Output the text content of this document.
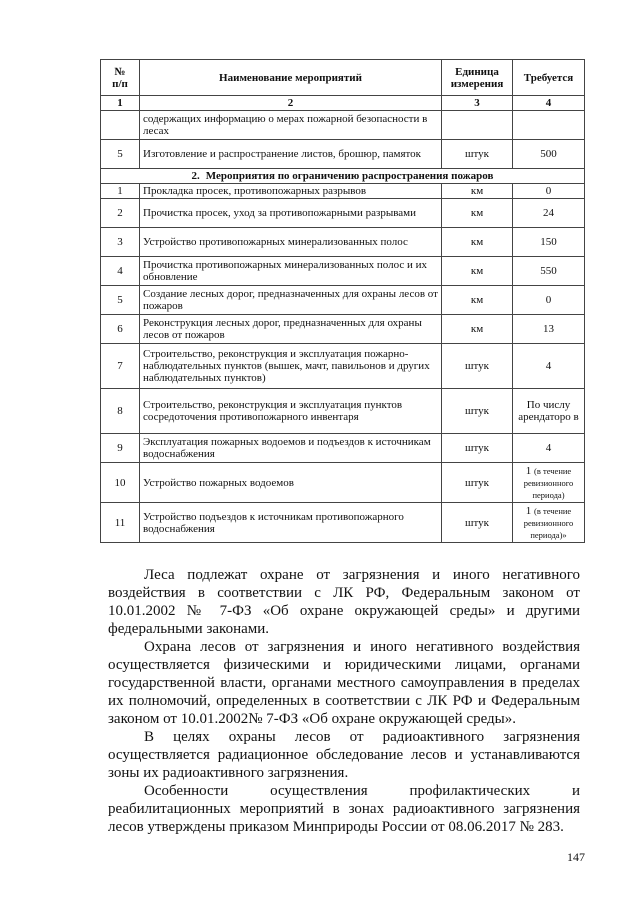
№
п/п	Наименование мероприятий	Единица измерения	Требуется
1	2	3	4
	содержащих информацию о мерах пожарной безопасности в лесах		
5	Изготовление и распространение листов, брошюр, памяток	штук	500
2. Мероприятия по ограничению распространения пожаров			
1	Прокладка просек, противопожарных разрывов	км	0
2	Прочистка просек, уход за противопожарными разрывами	км	24
3	Устройство противопожарных минерализованных полос	км	150
4	Прочистка противопожарных минерализованных полос и их обновление	км	550
5	Создание лесных дорог, предназначенных для охраны лесов от пожаров	км	0
6	Реконструкция лесных дорог, предназначенных для охраны лесов от пожаров	км	13
7	Строительство, реконструкция и эксплуатация пожарно-наблюдательных пунктов (вышек, мачт, павильонов и других наблюдательных пунктов)	штук	4
8	Строительство, реконструкция и эксплуатация пунктов сосредоточения противопожарного инвентаря	штук	По числу арендаторо в
9	Эксплуатация пожарных водоемов и подъездов к источникам водоснабжения	штук	4
10	Устройство пожарных водоемов	штук	1 (в течение ревизионного периода)
11	Устройство подъездов к источникам противопожарного водоснабжения	штук	1 (в течение ревизионного периода)»

Леса подлежат охране от загрязнения и иного негативного воздействия в соответствии с ЛК РФ, Федеральным законом от 10.01.2002 № 7-ФЗ «Об охране окружающей среды» и другими федеральными законами.

Охрана лесов от загрязнения и иного негативного воздействия осуществляется физическими и юридическими лицами, органами государственной власти, органами местного самоуправления в пределах их полномочий, определенных в соответствии с ЛК РФ и Федеральным законом от 10.01.2002№ 7-ФЗ «Об охране окружающей среды».

В целях охраны лесов от радиоактивного загрязнения осуществляется радиационное обследование лесов и устанавливаются зоны их радиоактивного загрязнения.

Особенности осуществления профилактических и реабилитационных мероприятий в зонах радиоактивного загрязнения лесов утверждены приказом Минприроды России от 08.06.2017 № 283.

147
